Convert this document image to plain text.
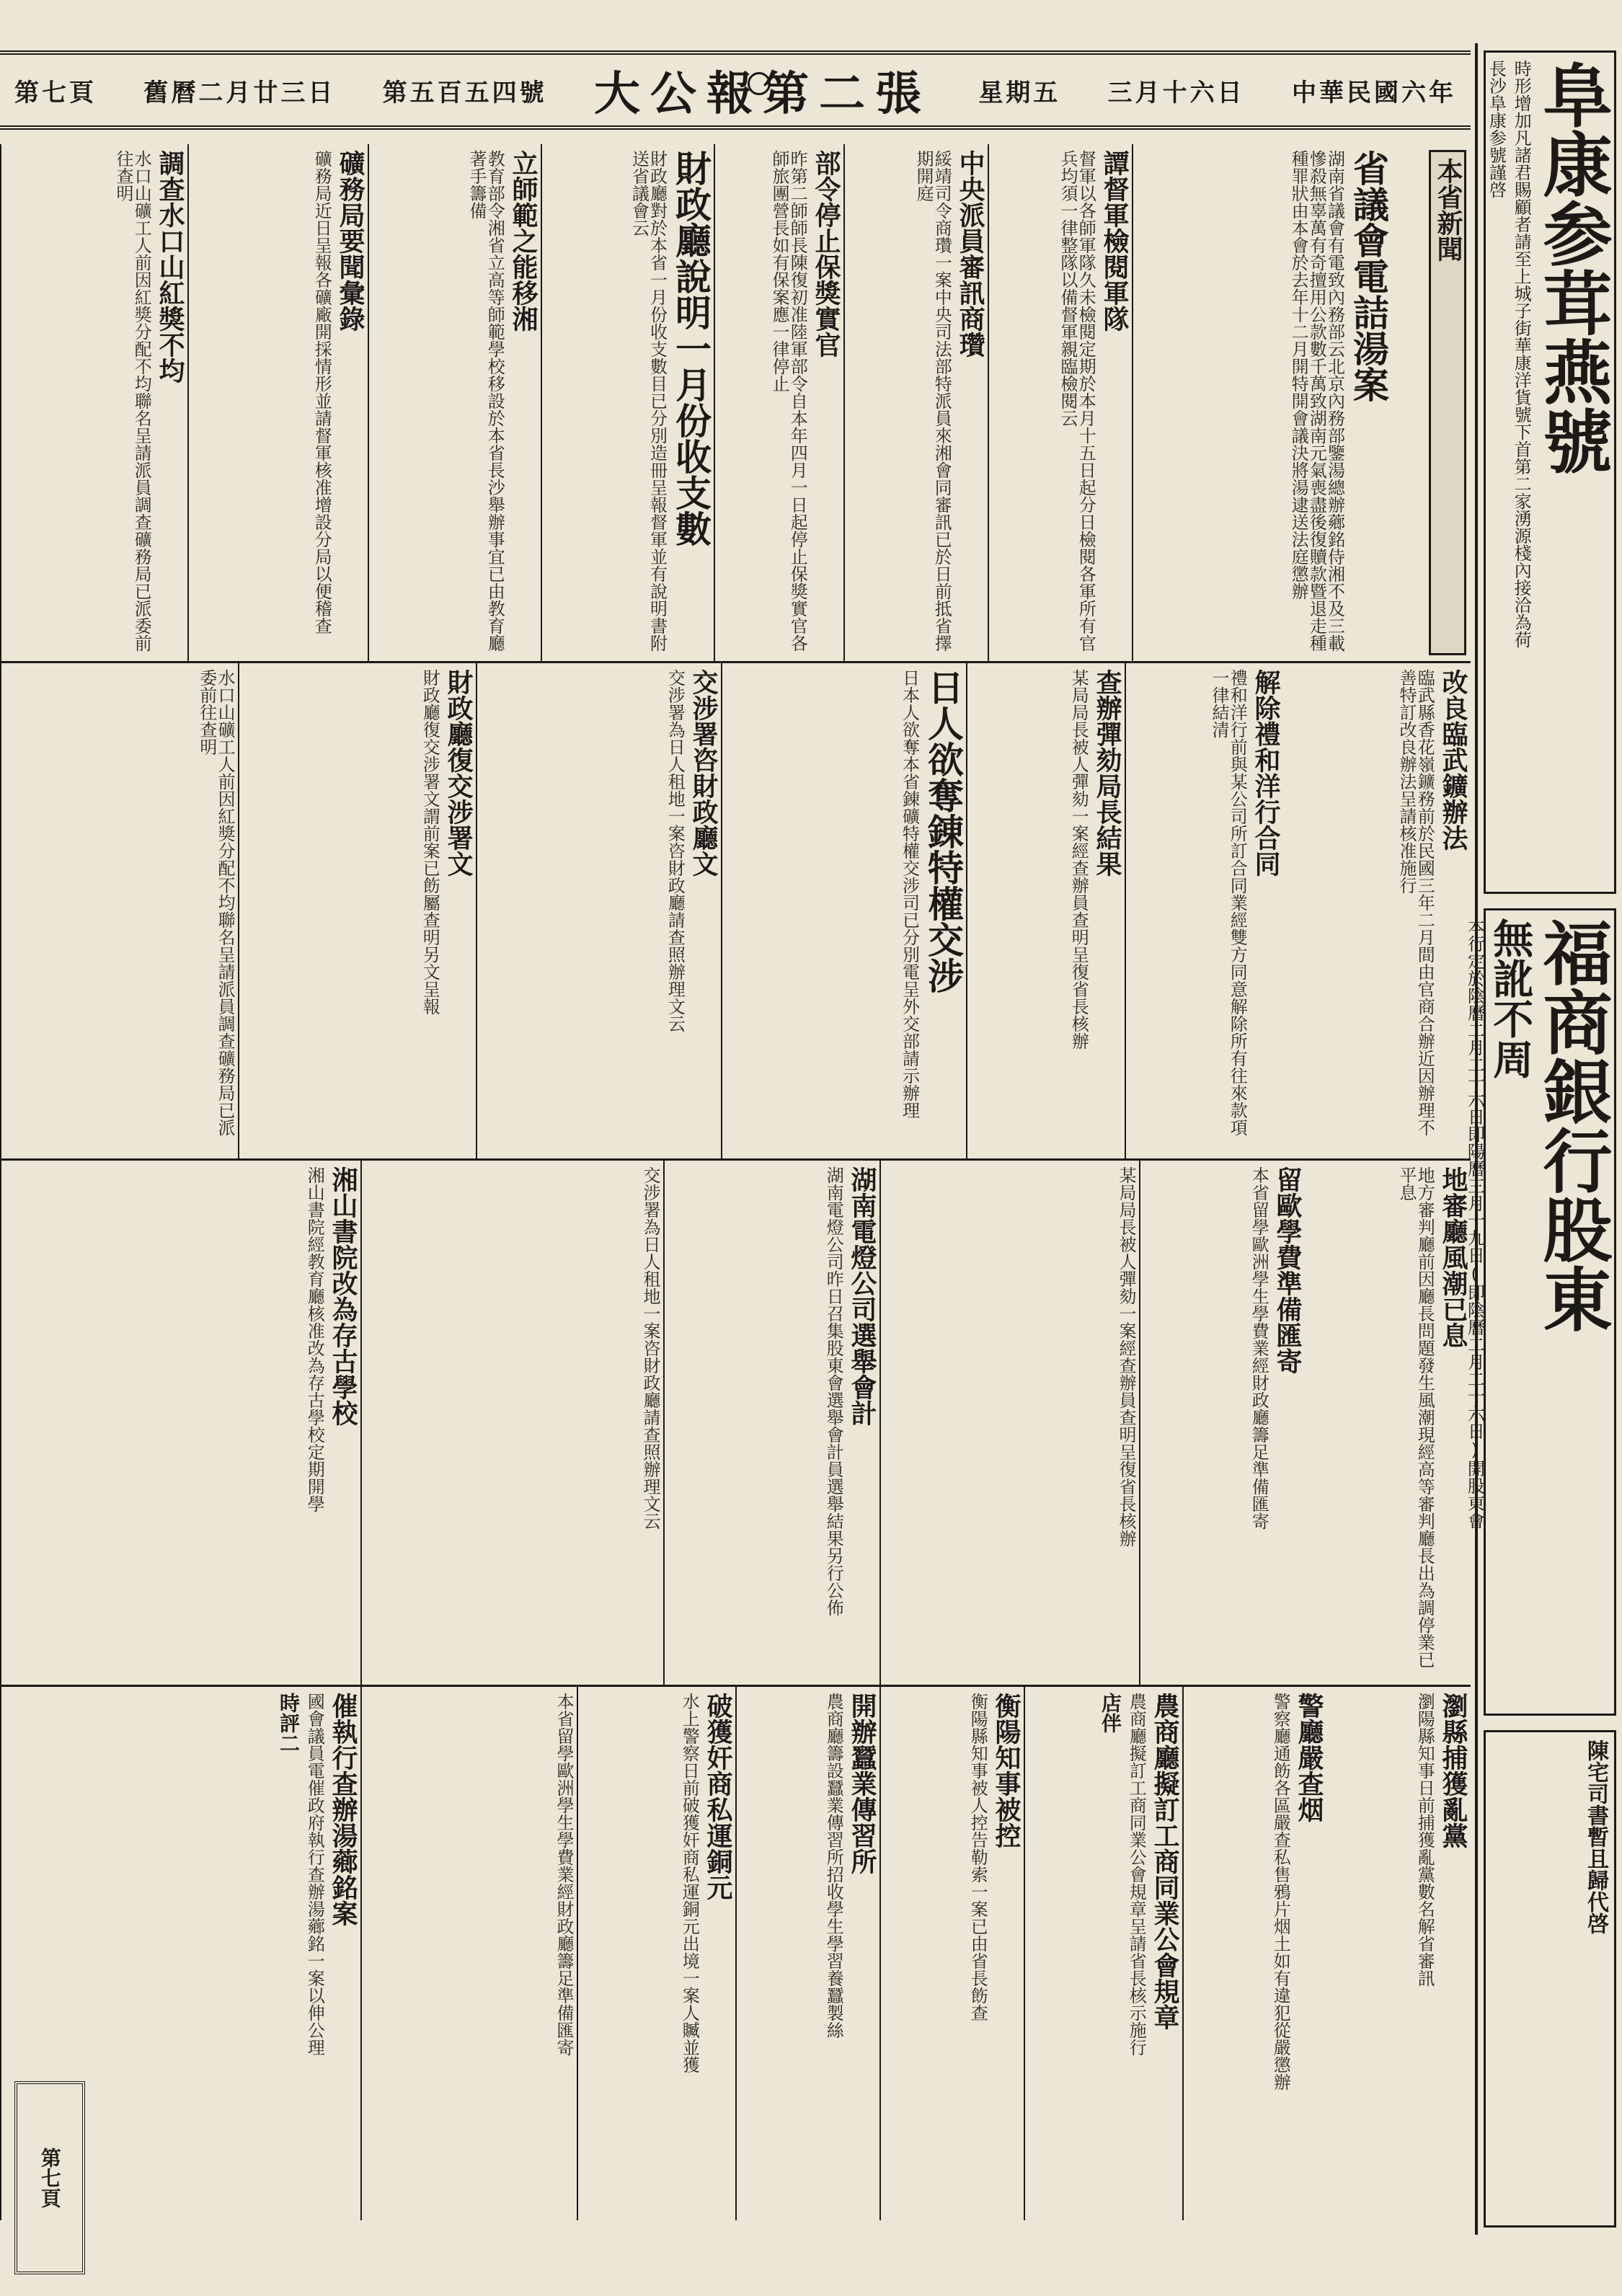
第七頁 舊曆二月廿三日 第五百五四號 大公報第二張 星期五 三月十六日 中華民國六年 阜康参茸燕號
時形增加凡諸君賜顧者請至上城子街華康洋貨號下首第二家湧源棧內接洽為荷
長沙阜康参號謹啓
福商銀行股東
無訛不周
本行定於陰曆二月二十六日即陽曆三月十九日(即陰曆二月二十六日)開股東會
陳宅司書暫且歸代啓
本省新聞
省議會電詰湯案
湖南省議會有電致內務部云北京內務部鑒湯總辦薌銘侍湘不及三載慘殺無辜萬有奇擅用公款數千萬致湖南元氣喪盡後復贖款暨退走種種罪狀由本會於去年十二月開特開會議決將湯逮送法庭懲辦
譚督軍檢閱軍隊
督軍以各師軍隊久未檢閱定期於本月十五日起分日檢閱各軍所有官兵均須一律整隊以備督軍親臨檢閱云
中央派員審訊商瓚
綏靖司令商瓚一案中央司法部特派員來湘會同審訊已於日前抵省擇期開庭
部令停止保獎實官
昨第二師師長陳復初准陸軍部令自本年四月一日起停止保獎實官各師旅團營長如有保案應一律停止
財政廳說明一月份收支數
財政廳對於本省一月份收支數目已分別造冊呈報督軍並有說明書附送省議會云
立師範之能移湘
教育部令湘省立高等師範學校移設於本省長沙舉辦事宜已由教育廳著手籌備
礦務局要聞彙錄
礦務局近日呈報各礦廠開採情形並請督軍核准增設分局以便稽查
調查水口山紅獎不均
水口山礦工人前因紅獎分配不均聯名呈請派員調查礦務局已派委前往查明
改良臨武鑛辦法
臨武縣香花嶺鑛務前於民國三年二月間由官商合辦近因辦理不善特訂改良辦法呈請核准施行
解除禮和洋行合同
禮和洋行前與某公司所訂合同業經雙方同意解除所有往來款項一律結清
查辦彈劾局長結果
某局局長被人彈劾一案經查辦員查明呈復省長核辦
日人欲奪錬特權交涉
日本人欲奪本省錬礦特權交涉司已分別電呈外交部請示辦理
交涉署咨財政廳文
交涉署為日人租地一案咨財政廳請查照辦理文云
財政廳復交涉署文
財政廳復交涉署文謂前案已飭屬查明另文呈報
水口山礦工人前因紅獎分配不均聯名呈請派員調查礦務局已派委前往查明
地審廳風潮已息
地方審判廳前因廳長問題發生風潮現經高等審判廳長出為調停業已平息
留歐學費準備匯寄
本省留學歐洲學生學費業經財政廳籌足準備匯寄
某局局長被人彈劾一案經查辦員查明呈復省長核辦
湖南電燈公司選舉會計
湖南電燈公司昨日召集股東會選舉會計員選舉結果另行公佈
交涉署為日人租地一案咨財政廳請查照辦理文云
湘山書院改為存古學校
湘山書院經教育廳核准改為存古學校定期開學
瀏縣捕獲亂黨
瀏陽縣知事日前捕獲亂黨數名解省審訊
警廳嚴查烟
警察廳通飭各區嚴查私售鴉片烟土如有違犯從嚴懲辦
農商廳擬訂工商同業公會規章
農商廳擬訂工商同業公會規章呈請省長核示施行
店伴
衡陽知事被控
衡陽縣知事被人控告勒索一案已由省長飭查
開辦蠶業傳習所
農商廳籌設蠶業傳習所招收學生學習養蠶製絲
破獲奸商私運銅元
水上警察日前破獲奸商私運銅元出境一案人贓並獲
本省留學歐洲學生學費業經財政廳籌足準備匯寄
催執行查辦湯薌銘案
國會議員電催政府執行查辦湯薌銘一案以伸公理
時評二
第七頁
